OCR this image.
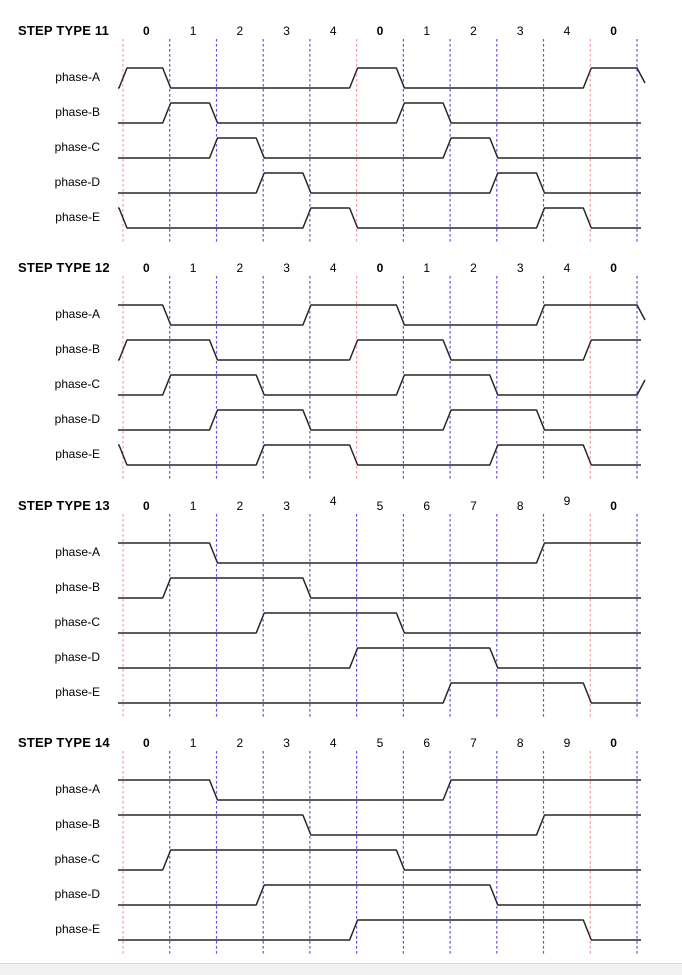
STEP TYPE 11	0	1	2	3	4	0	1	2	3	4	0
phase-A
phase-B
phase-C
phase-D
phase-E
STEP TYPE 12	0	1	2	3	4	0	1	2	3	4	0
phase-A
phase-B
phase-C
phase-D
phase-E
STEP TYPE 13	0	1	2	3	4	5	6	7	8	9	0
phase-A
phase-B
phase-C
phase-D
phase-E
STEP TYPE 14	0	1	2	3	4	5	6	7	8	9	0
phase-A
phase-B
phase-C
phase-D
phase-E
